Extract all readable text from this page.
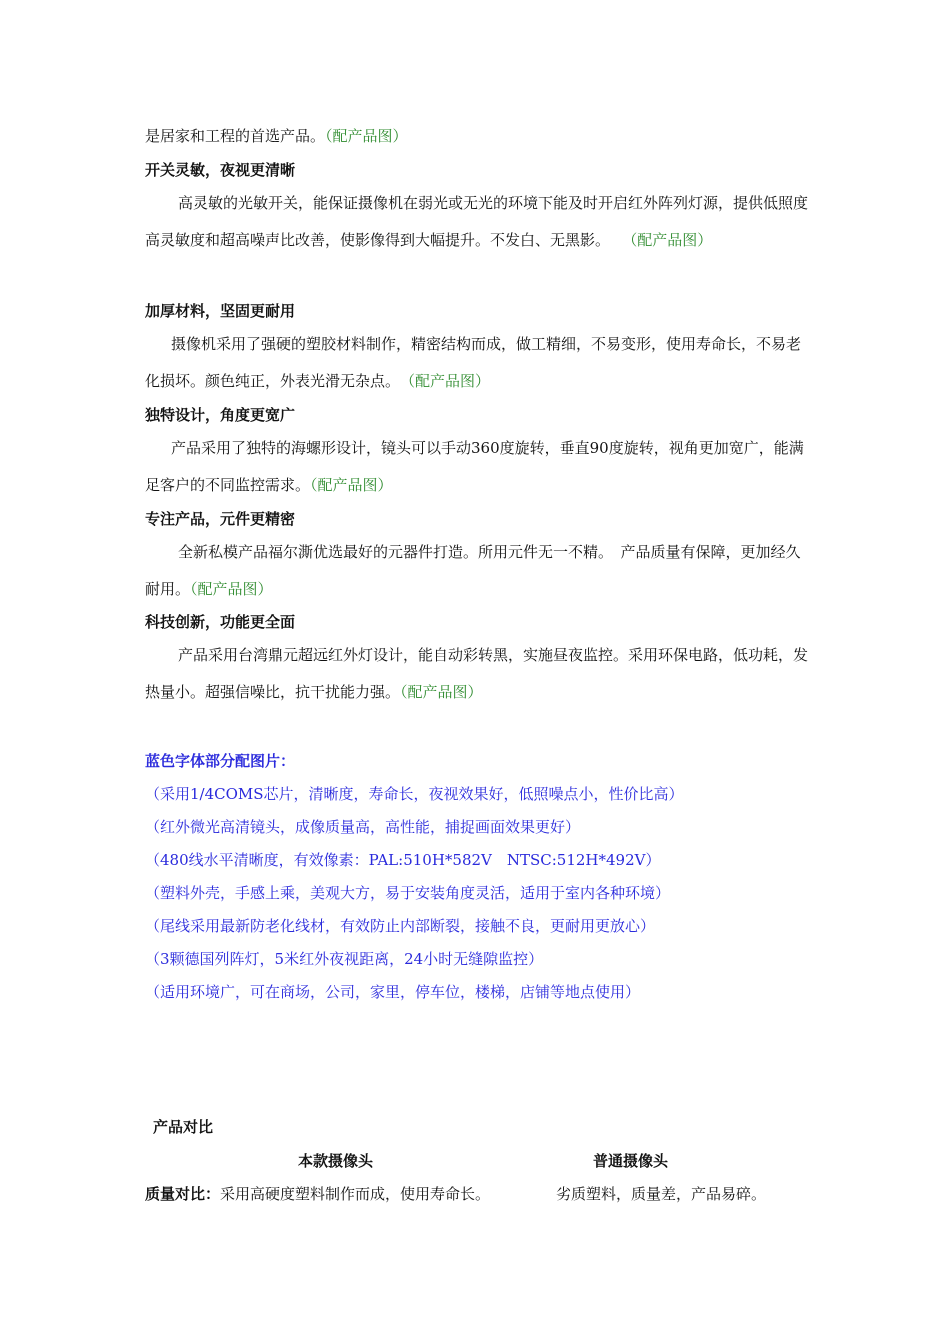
是居家和工程的首选产品。（配产品图）
开关灵敏，夜视更清晰
高灵敏的光敏开关，能保证摄像机在弱光或无光的环境下能及时开启红外阵列灯源，提供低照度高灵敏度和超高噪声比改善，使影像得到大幅提升。不发白、无黑影。　 （配产品图）
加厚材料，坚固更耐用
摄像机采用了强硬的塑胶材料制作，精密结构而成，做工精细，不易变形，使用寿命长，不易老化损坏。颜色纯正，外表光滑无杂点。　 （配产品图）
独特设计，角度更宽广
产品采用了独特的海螺形设计，镜头可以手动360度旋转，垂直90度旋转，视角更加宽广，能满足客户的不同监控需求。（配产品图）
专注产品，元件更精密
全新私模产品福尔澌优选最好的元器件打造。所用元件无一不精。　产品质量有保障，更加经久耐用。（配产品图）
科技创新，功能更全面
产品采用台湾鼎元超远红外灯设计，能自动彩转黑，实施昼夜监控。采用环保电路，低功耗，发热量小。超强信噪比，抗干扰能力强。（配产品图）
蓝色字体部分配图片：
（采用1/4COMS芯片，清晰度，寿命长，夜视效果好，低照噪点小，性价比高）
（红外微光高清镜头，成像质量高，高性能，捕捉画面效果更好）
（480线水平清晰度，有效像素：PAL:510H*582V　NTSC:512H*492V）
（塑料外壳，手感上乘，美观大方，易于安装角度灵活，适用于室内各种环境）
（尾线采用最新防老化线材，有效防止内部断裂，接触不良，更耐用更放心）
（3颗德国列阵灯，5米红外夜视距离，24小时无缝隙监控）
（适用环境广，可在商场，公司，家里，停车位，楼梯，店铺等地点使用）
产品对比
本款摄像头	普通摄像头
质量对比：采用高硬度塑料制作而成，使用寿命长。	劣质塑料，质量差，产品易碎。
